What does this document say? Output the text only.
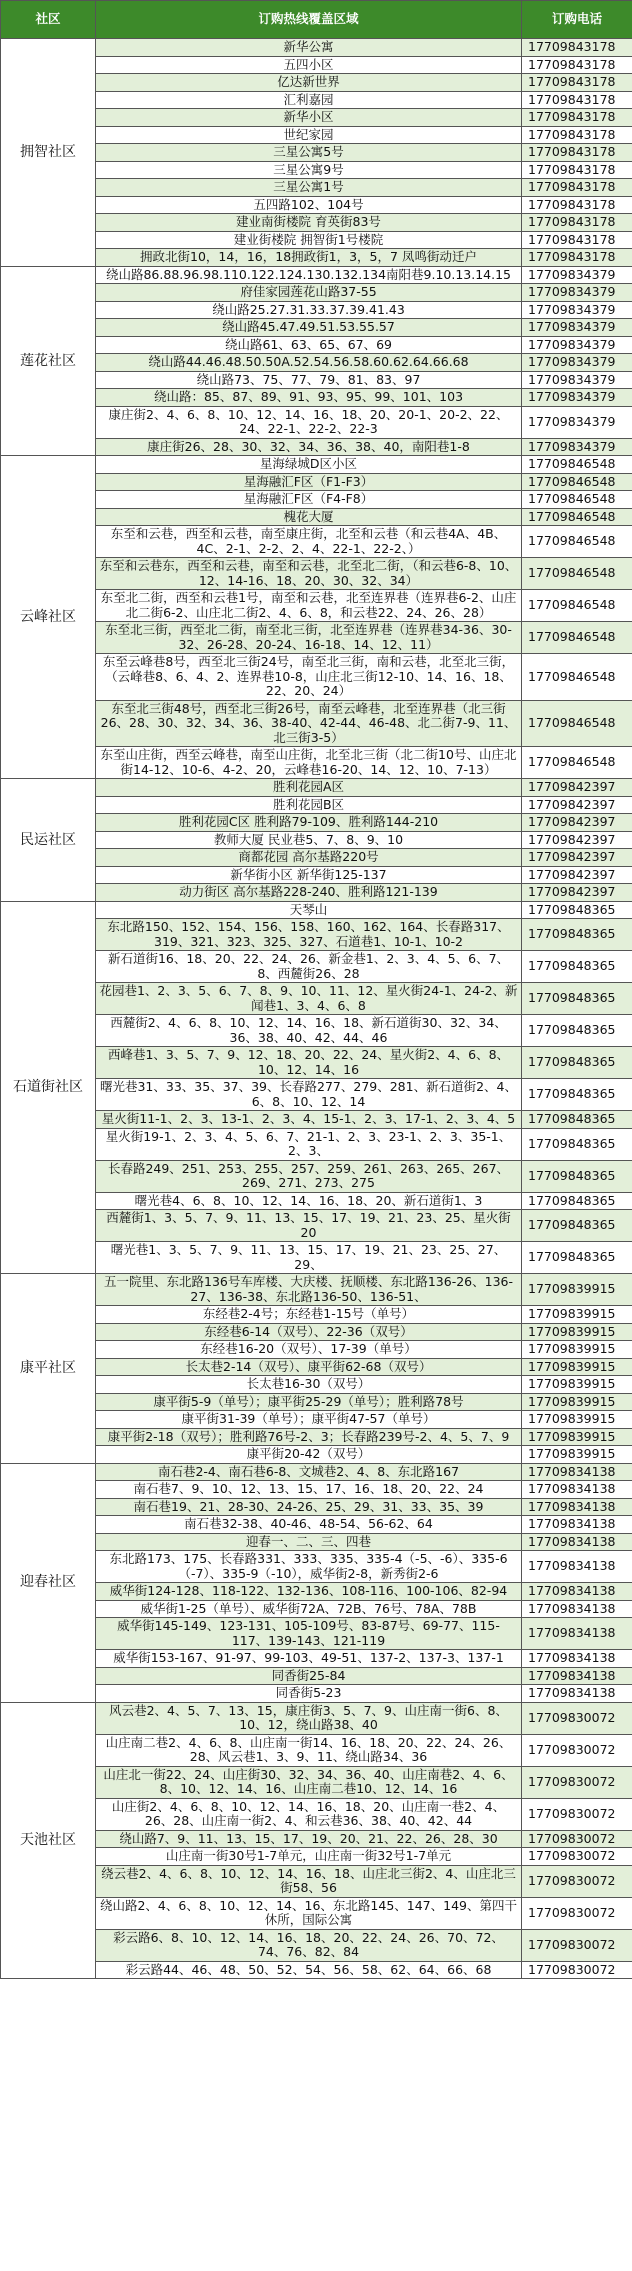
社区	订购热线覆盖区域	订购电话
拥智社区	新华公寓	17709843178
	五四小区	17709843178
	亿达新世界	17709843178
	汇利嘉园	17709843178
	新华小区	17709843178
	世纪家园	17709843178
	三星公寓5号	17709843178
	三星公寓9号	17709843178
	三星公寓1号	17709843178
	五四路102、104号	17709843178
	建业南街楼院 育英街83号	17709843178
	建业街楼院 拥智街1号楼院	17709843178
	拥政北街10，14，16，18拥政街1，3，5，7 凤鸣街动迁户	17709843178
莲花社区	绕山路86.88.96.98.110.122.124.130.132.134南阳巷9.10.13.14.15	17709834379
	府佳家园莲花山路37-55	17709834379
	绕山路25.27.31.33.37.39.41.43	17709834379
	绕山路45.47.49.51.53.55.57	17709834379
	绕山路61、63、65、67、69	17709834379
	绕山路44.46.48.50.50A.52.54.56.58.60.62.64.66.68	17709834379
	绕山路73、75、77、79、81、83、97	17709834379
	绕山路：85、87、89、91、93、95、99、101、103	17709834379
	康庄街2、4、6、8、10、12、14、16、18、20、20-1、20-2、22、24、22-1、22-2、22-3	17709834379
	康庄街26、28、30、32、34、36、38、40，南阳巷1-8	17709834379
云峰社区	星海绿城D区小区	17709846548
	星海融汇F区（F1-F3）	17709846548
	星海融汇F区（F4-F8）	17709846548
	槐花大厦	17709846548
	东至和云巷，西至和云巷，南至康庄街，北至和云巷（和云巷4A、4B、4C、2-1、2-2、2、4、22-1、22-2、）	17709846548
	东至和云巷东，西至和云巷，南至和云巷，北至北二街，（和云巷6-8、10、12、14-16、18、20、30、32、34）	17709846548
	东至北二街，西至和云巷1号，南至和云巷，北至连界巷（连界巷6-2、山庄北二街6-2、山庄北二街2、4、6、8，和云巷22、24、26、28）	17709846548
	东至北三街，西至北二街，南至北三街，北至连界巷（连界巷34-36、30-32、26-28、20-24、16-18、14、12、11）	17709846548
	东至云峰巷8号，西至北三街24号，南至北三街，南和云巷，北至北三街，（云峰巷8、6、4、2、连界巷10-8，山庄北三街12-10、14、16、18、22、20、24）	17709846548
	东至北三街48号，西至北三街26号，南至云峰巷，北至连界巷（北三街26、28、30、32、34、36、38-40、42-44、46-48、北二街7-9、11、北三街3-5）	17709846548
	东至山庄街，西至云峰巷，南至山庄街，北至北三街（北二街10号、山庄北街14-12、10-6、4-2、20，云峰巷16-20、14、12、10、7-13）	17709846548
民运社区	胜利花园A区	17709842397
	胜利花园B区	17709842397
	胜利花园C区 胜利路79-109、胜利路144-210	17709842397
	教师大厦 民业巷5、7、8、9、10	17709842397
	商都花园 高尔基路220号	17709842397
	新华街小区 新华街125-137	17709842397
	动力街区 高尔基路228-240、胜利路121-139	17709842397
石道街社区	天琴山	17709848365
	东北路150、152、154、156、158、160、162、164、长春路317、319、321、323、325、327、石道巷1、10-1、10-2	17709848365
	新石道街16、18、20、22、24、26、新金巷1、2、3、4、5、6、7、8、西麓街26、28	17709848365
	花园巷1、2、3、5、6、7、8、9、10、11、12、星火街24-1、24-2、新闻巷1、3、4、6、8	17709848365
	西麓街2、4、6、8、10、12、14、16、18、新石道街30、32、34、36、38、40、42、44、46	17709848365
	西峰巷1、3、5、7、9、12、18、20、22、24、星火街2、4、6、8、10、12、14、16	17709848365
	曙光巷31、33、35、37、39、长春路277、279、281、新石道街2、4、6、8、10、12、14	17709848365
	星火街11-1、2、3、13-1、2、3、4、15-1、2、3、17-1、2、3、4、5	17709848365
	星火街19-1、2、3、4、5、6、7、21-1、2、3、23-1、2、3、35-1、2、3、	17709848365
	长春路249、251、253、255、257、259、261、263、265、267、269、271、273、275	17709848365
	曙光巷4、6、8、10、12、14、16、18、20、新石道街1、3	17709848365
	西麓街1、3、5、7、9、11、13、15、17、19、21、23、25、星火街20	17709848365
	曙光巷1、3、5、7、9、11、13、15、17、19、21、23、25、27、29、	17709848365
康平社区	五一院里、东北路136号车库楼、大庆楼、抚顺楼、东北路136-26、136-27、136-38、东北路136-50、136-51、	17709839915
	东经巷2-4号；东经巷1-15号（单号）	17709839915
	东经巷6-14（双号）、22-36（双号）	17709839915
	东经巷16-20（双号）、17-39（单号）	17709839915
	长太巷2-14（双号）、康平街62-68（双号）	17709839915
	长太巷16-30（双号）	17709839915
	康平街5-9（单号）；康平街25-29（单号）；胜利路78号	17709839915
	康平街31-39（单号）；康平街47-57（单号）	17709839915
	康平街2-18（双号）；胜利路76号-2、3；长春路239号-2、4、5、7、9	17709839915
	康平街20-42（双号）	17709839915
迎春社区	南石巷2-4、南石巷6-8、文城巷2、4、8、东北路167	17709834138
	南石巷7、9、10、12、13、15、17、16、18、20、22、24	17709834138
	南石巷19、21、28-30、24-26、25、29、31、33、35、39	17709834138
	南石巷32-38、40-46、48-54、56-62、64	17709834138
	迎春一、二、三、四巷	17709834138
	东北路173、175、长春路331、333、335、335-4（-5、-6）、335-6（-7）、335-9（-10），威华街2-8，新秀街2-6	17709834138
	威华街124-128、118-122、132-136、108-116、100-106、82-94	17709834138
	威华街1-25（单号）、威华街72A、72B、76号、78A、78B	17709834138
	威华街145-149、123-131、105-109号、83-87号、69-77、115-117、139-143、121-119	17709834138
	威华街153-167、91-97、99-103、49-51、137-2、137-3、137-1	17709834138
	同香街25-84	17709834138
	同香街5-23	17709834138
天池社区	风云巷2、4、5、7、13、15，康庄街3、5、7、9、山庄南一街6、8、10、12，绕山路38、40	17709830072
	山庄南二巷2、4、6、8、山庄南一街14、16、18、20、22、24、26、28、风云巷1、3、9、11、绕山路34、36	17709830072
	山庄北一街22、24、山庄街30、32、34、36、40、山庄南巷2、4、6、8、10、12、14、16、山庄南二巷10、12、14、16	17709830072
	山庄街2、4、6、8、10、12、14、16、18、20、山庄南一巷2、4、26、28、山庄南一街2、4、和云巷36、38、40、42、44	17709830072
	绕山路7、9、11、13、15、17、19、20、21、22、26、28、30	17709830072
	山庄南一街30号1-7单元，山庄南一街32号1-7单元	17709830072
	绕云巷2、4、6、8、10、12、14、16、18、山庄北三街2、4、山庄北三街58、56	17709830072
	绕山路2、4、6、8、10、12、14、16、东北路145、147、149、第四干休所，国际公寓	17709830072
	彩云路6、8、10、12、14、16、18、20、22、24、26、70、72、74、76、82、84	17709830072
	彩云路44、46、48、50、52、54、56、58、62、64、66、68	17709830072
